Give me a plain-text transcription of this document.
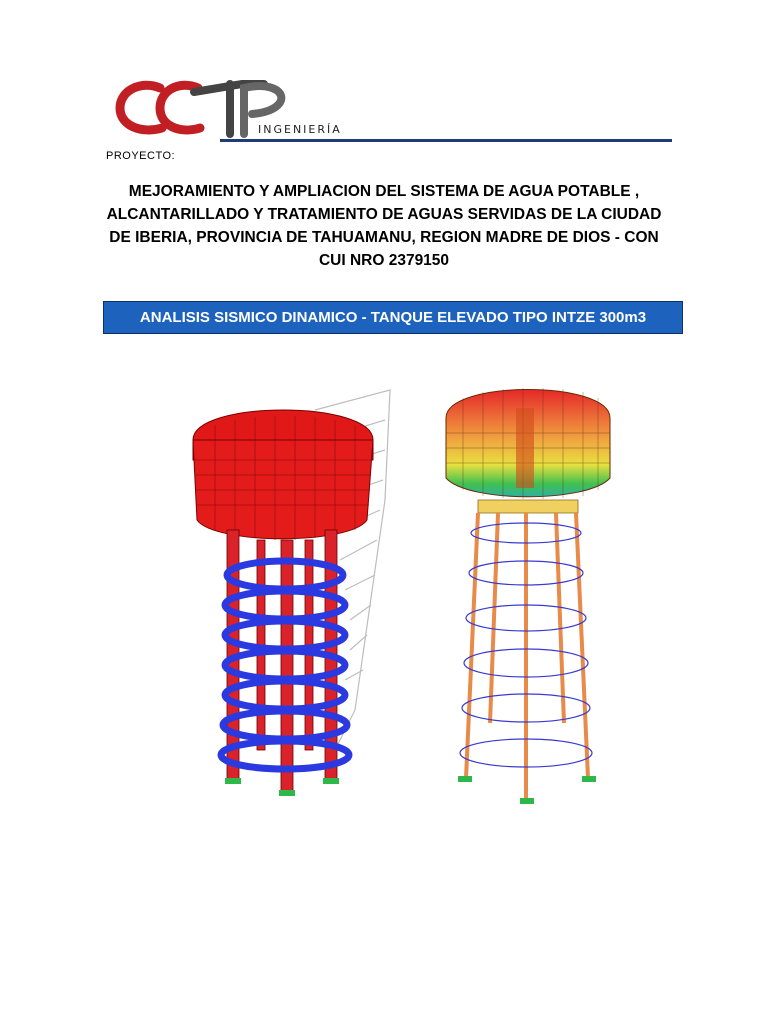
INGENIERÍA
PROYECTO:
MEJORAMIENTO Y AMPLIACION DEL SISTEMA DE AGUA POTABLE , ALCANTARILLADO Y TRATAMIENTO DE AGUAS SERVIDAS DE LA CIUDAD DE IBERIA, PROVINCIA DE TAHUAMANU, REGION MADRE DE DIOS - CON CUI NRO 2379150
ANALISIS SISMICO DINAMICO - TANQUE ELEVADO TIPO INTZE 300m3
